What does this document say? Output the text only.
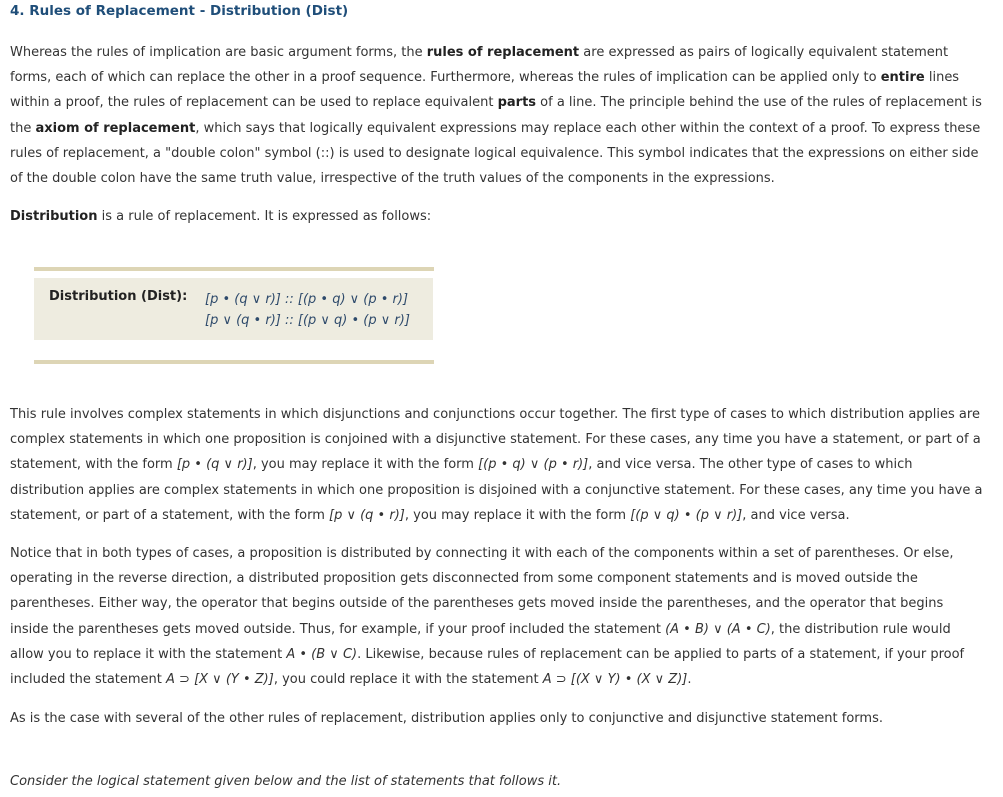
4. Rules of Replacement - Distribution (Dist)

Whereas the rules of implication are basic argument forms, the rules of replacement are expressed as pairs of logically equivalent statement forms, each of which can replace the other in a proof sequence. Furthermore, whereas the rules of implication can be applied only to entire lines within a proof, the rules of replacement can be used to replace equivalent parts of a line. The principle behind the use of the rules of replacement is the axiom of replacement, which says that logically equivalent expressions may replace each other within the context of a proof. To express these rules of replacement, a "double colon" symbol (::) is used to designate logical equivalence. This symbol indicates that the expressions on either side of the double colon have the same truth value, irrespective of the truth values of the components in the expressions.

Distribution is a rule of replacement. It is expressed as follows:

Distribution (Dist): [p • (q ∨ r)] :: [(p • q) ∨ (p • r)]
[p ∨ (q • r)] :: [(p ∨ q) • (p ∨ r)]

This rule involves complex statements in which disjunctions and conjunctions occur together. The first type of cases to which distribution applies are complex statements in which one proposition is conjoined with a disjunctive statement. For these cases, any time you have a statement, or part of a statement, with the form [p • (q ∨ r)], you may replace it with the form [(p • q) ∨ (p • r)], and vice versa. The other type of cases to which distribution applies are complex statements in which one proposition is disjoined with a conjunctive statement. For these cases, any time you have a statement, or part of a statement, with the form [p ∨ (q • r)], you may replace it with the form [(p ∨ q) • (p ∨ r)], and vice versa.

Notice that in both types of cases, a proposition is distributed by connecting it with each of the components within a set of parentheses. Or else, operating in the reverse direction, a distributed proposition gets disconnected from some component statements and is moved outside the parentheses. Either way, the operator that begins outside of the parentheses gets moved inside the parentheses, and the operator that begins inside the parentheses gets moved outside. Thus, for example, if your proof included the statement (A • B) ∨ (A • C), the distribution rule would allow you to replace it with the statement A • (B ∨ C). Likewise, because rules of replacement can be applied to parts of a statement, if your proof included the statement A ⊃ [X ∨ (Y • Z)], you could replace it with the statement A ⊃ [(X ∨ Y) • (X ∨ Z)].

As is the case with several of the other rules of replacement, distribution applies only to conjunctive and disjunctive statement forms.

Consider the logical statement given below and the list of statements that follows it.
